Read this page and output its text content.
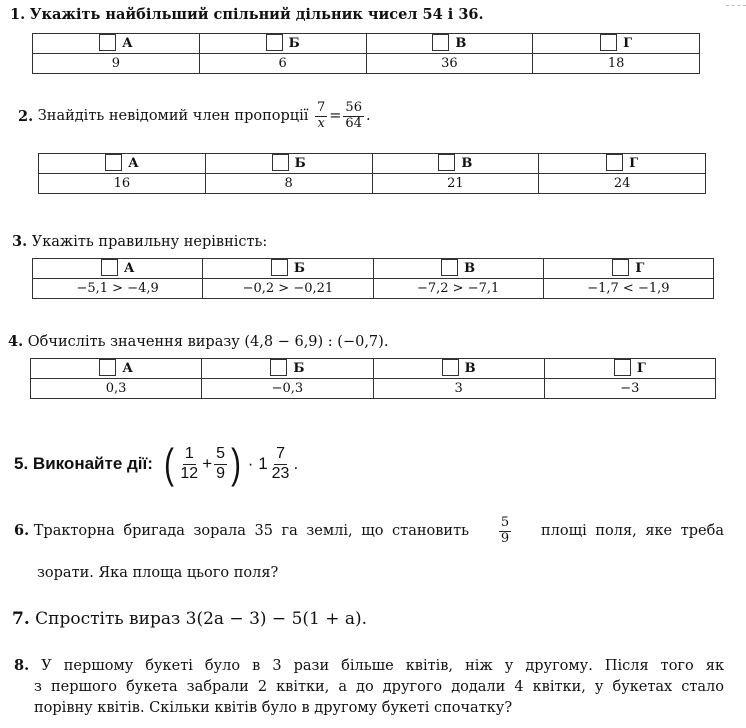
1. Укажіть найбільший спільний дільник чисел 54 і 36.
А	Б	В	Г
9	6	36	18
2.
Знайдіть невідомий член пропорції
$\frac{7}{x} = \frac{56}{64}$ .
А	Б	В	Г
16	8	21	24
3. Укажіть правильну нерівність:
А	Б	В	Г
−5,1 > −4,9	−0,2 > −0,21	−7,2 > −7,1	−1,7 < −1,9
4. Обчисліть значення виразу (4,8 − 6,9) : (−0,7).
А	Б	В	Г
0,3	−0,3	3	−3
5.
Виконайте дії:
( $\frac{1}{12} + \frac{5}{9}$ )
·
$1 \frac{7}{23}$ .
6. Тракторна бригада зорала 35 га землі, що становить $\frac{5}{9}$ площі поля, яке треба
зорати. Яка площа цього поля?
7. Спростіть вираз 3(2a − 3) − 5(1 + a).
8. У першому букеті було в 3 рази більше квітів, ніж у другому. Після того як
з першого букета забрали 2 квітки, а до другого додали 4 квітки, у букетах стало
порівну квітів. Скільки квітів було в другому букеті спочатку?
